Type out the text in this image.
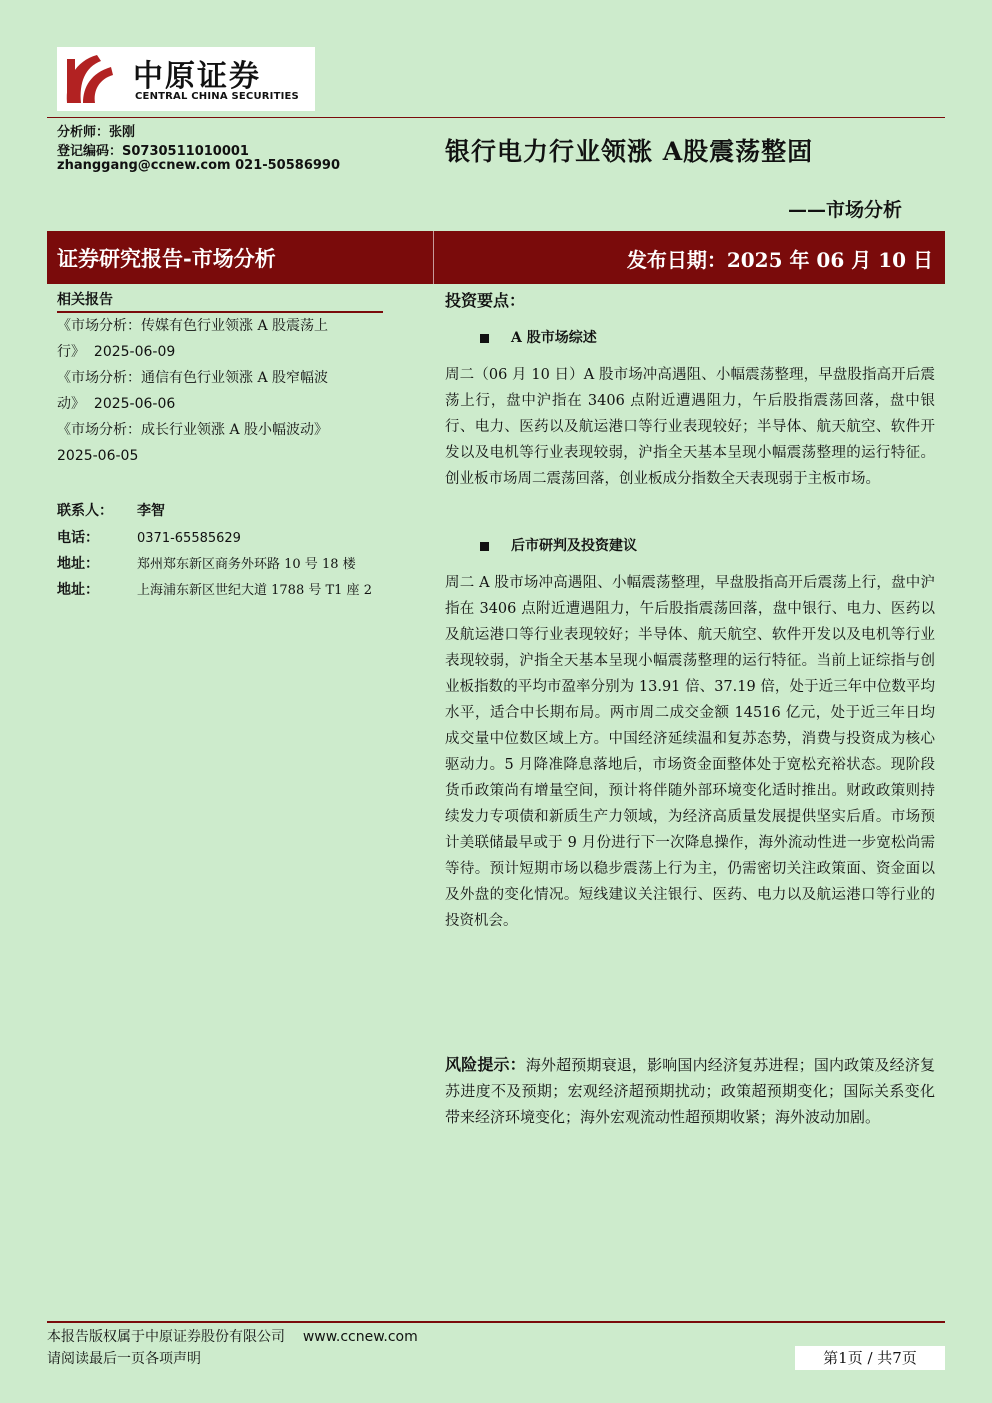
中原证券
CENTRAL CHINA SECURITIES
分析师：张刚
登记编码：S0730511010001
zhanggang@ccnew.com 021-50586990	银行电力行业领涨 A股震荡整固
——市场分析
证券研究报告-市场分析	发布日期：2025 年 06 月 10 日
相关报告
《市场分析：传媒有色行业领涨 A 股震荡上行》 2025-06-09
《市场分析：通信有色行业领涨 A 股窄幅波动》 2025-06-06
《市场分析：成长行业领涨 A 股小幅波动》
2025-06-05
联系人： 李智
电话：	0371-65585629
地址：	郑州郑东新区商务外环路 10 号 18 楼
地址：	上海浦东新区世纪大道 1788 号 T1 座 2
投资要点：
A 股市场综述
周二（06 月 10 日）A 股市场冲高遇阻、小幅震荡整理，早盘股指高开后震荡上行，盘中沪指在 3406 点附近遭遇阻力，午后股指震荡回落，盘中银行、电力、医药以及航运港口等行业表现较好；半导体、航天航空、软件开发以及电机等行业表现较弱，沪指全天基本呈现小幅震荡整理的运行特征。创业板市场周二震荡回落，创业板成分指数全天表现弱于主板市场。
后市研判及投资建议
周二 A 股市场冲高遇阻、小幅震荡整理，早盘股指高开后震荡上行，盘中沪指在 3406 点附近遭遇阻力，午后股指震荡回落，盘中银行、电力、医药以及航运港口等行业表现较好；半导体、航天航空、软件开发以及电机等行业表现较弱，沪指全天基本呈现小幅震荡整理的运行特征。当前上证综指与创业板指数的平均市盈率分别为 13.91 倍、37.19 倍，处于近三年中位数平均水平，适合中长期布局。两市周二成交金额 14516 亿元，处于近三年日均成交量中位数区域上方。中国经济延续温和复苏态势，消费与投资成为核心驱动力。5 月降准降息落地后，市场资金面整体处于宽松充裕状态。现阶段货币政策尚有增量空间，预计将伴随外部环境变化适时推出。财政政策则持续发力专项债和新质生产力领域，为经济高质量发展提供坚实后盾。市场预计美联储最早或于 9 月份进行下一次降息操作，海外流动性进一步宽松尚需等待。预计短期市场以稳步震荡上行为主，仍需密切关注政策面、资金面以及外盘的变化情况。短线建议关注银行、医药、电力以及航运港口等行业的投资机会。
风险提示：海外超预期衰退，影响国内经济复苏进程；国内政策及经济复苏进度不及预期；宏观经济超预期扰动；政策超预期变化；国际关系变化带来经济环境变化；海外宏观流动性超预期收紧；海外波动加剧。
本报告版权属于中原证券股份有限公司 www.ccnew.com
请阅读最后一页各项声明	第1页 / 共7页
